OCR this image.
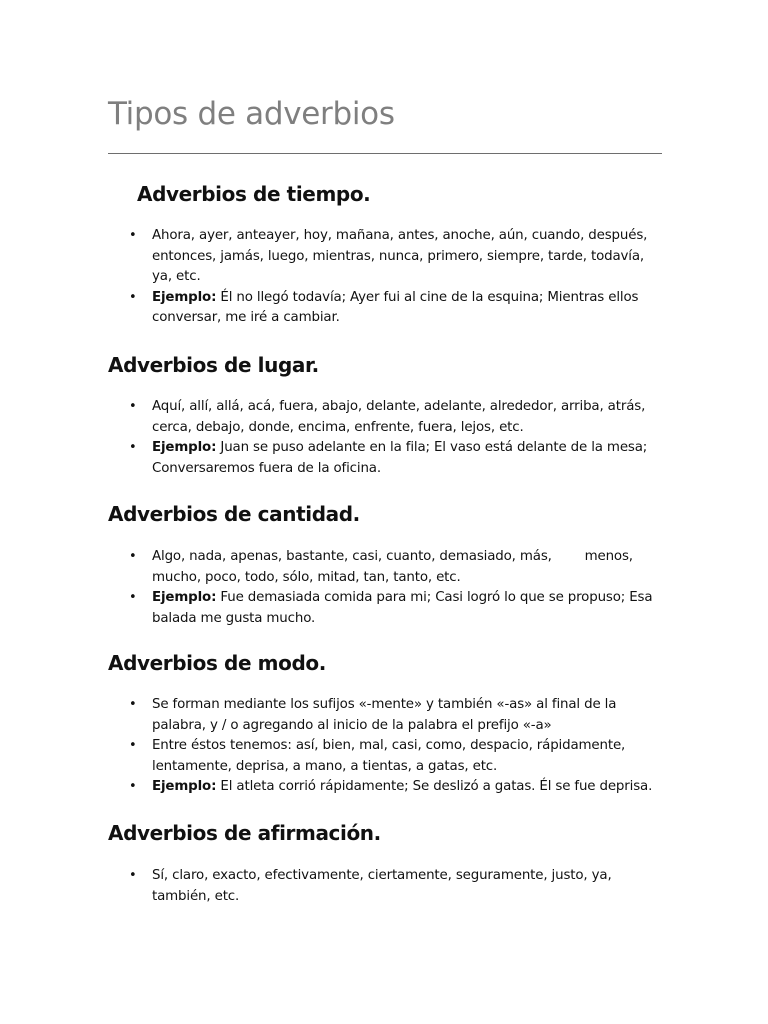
Tipos de adverbios
Adverbios de tiempo.
• Ahora, ayer, anteayer, hoy, mañana, antes, anoche, aún, cuando, después, entonces, jamás, luego, mientras, nunca, primero, siempre, tarde, todavía, ya, etc.
• Ejemplo: Él no llegó todavía; Ayer fui al cine de la esquina; Mientras ellos conversar, me iré a cambiar.
Adverbios de lugar.
• Aquí, allí, allá, acá, fuera, abajo, delante, adelante, alrededor, arriba, atrás, cerca, debajo, donde, encima, enfrente, fuera, lejos, etc.
• Ejemplo: Juan se puso adelante en la fila; El vaso está delante de la mesa; Conversaremos fuera de la oficina.
Adverbios de cantidad.
• Algo, nada, apenas, bastante, casi, cuanto, demasiado, más,        menos, mucho, poco, todo, sólo, mitad, tan, tanto, etc.
• Ejemplo: Fue demasiada comida para mi; Casi logró lo que se propuso; Esa balada me gusta mucho.
Adverbios de modo.
• Se forman mediante los sufijos «-mente» y también «-as» al final de la palabra, y / o agregando al inicio de la palabra el prefijo «-a»
• Entre éstos tenemos: así, bien, mal, casi, como, despacio, rápidamente, lentamente, deprisa, a mano, a tientas, a gatas, etc.
• Ejemplo: El atleta corrió rápidamente; Se deslizó a gatas. Él se fue deprisa.
Adverbios de afirmación.
• Sí, claro, exacto, efectivamente, ciertamente, seguramente, justo, ya, también, etc.
